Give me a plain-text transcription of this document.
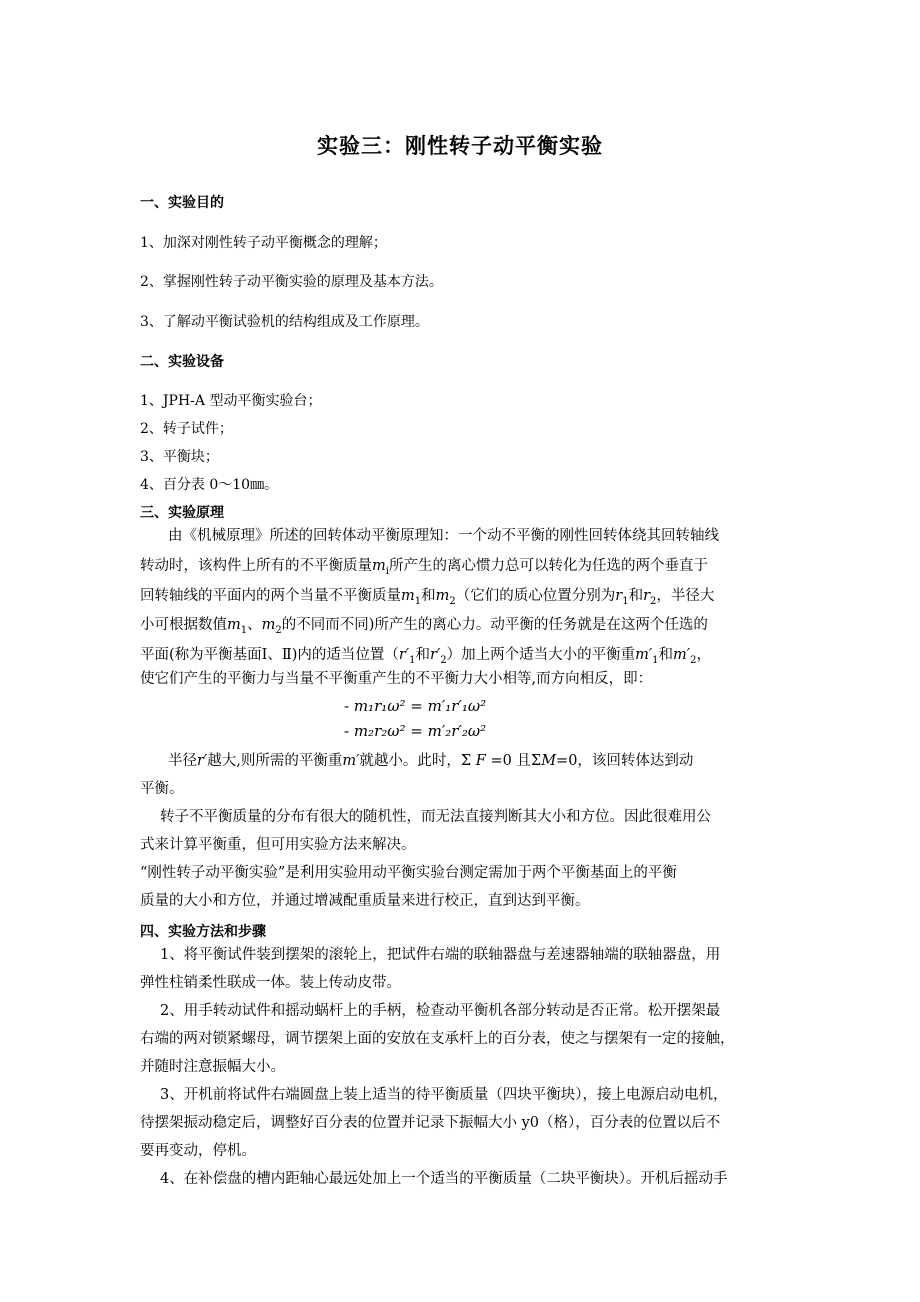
实验三：刚性转子动平衡实验
一、实验目的
1、加深对刚性转子动平衡概念的理解；
2、掌握刚性转子动平衡实验的原理及基本方法。
3、了解动平衡试验机的结构组成及工作原理。
二、实验设备
1、JPH-A 型动平衡实验台；
2、转子试件；
3、平衡块；
4、百分表 0～10㎜。
三、实验原理
由《机械原理》所述的回转体动平衡原理知：一个动不平衡的刚性回转体绕其回转轴线
转动时，该构件上所有的不平衡质量$m_i$所产生的离心惯力总可以转化为任选的两个垂直于
回转轴线的平面内的两个当量不平衡质量$m_1$和$m_2$（它们的质心位置分别为$r_1$和$r_2$，半径大
小可根据数值$m_1$、$m_2$的不同而不同)所产生的离心力。动平衡的任务就是在这两个任选的
平面(称为平衡基面Ⅰ、Ⅱ)内的适当位置（$r'_1$和$r'_2$）加上两个适当大小的平衡重$m'_1$和$m'_2$，
使它们产生的平衡力与当量不平衡重产生的不平衡力大小相等,而方向相反，即：
- m₁r₁ω² = m′₁r′₁ω²
- m₂r₂ω² = m′₂r′₂ω²
半径r′越大,则所需的平衡重m′就越小。此时，Σ F =0 且ΣM=0，该回转体达到动
平衡。
转子不平衡质量的分布有很大的随机性，而无法直接判断其大小和方位。因此很难用公
式来计算平衡重，但可用实验方法来解决。
“刚性转子动平衡实验”是利用实验用动平衡实验台测定需加于两个平衡基面上的平衡
质量的大小和方位，并通过增减配重质量来进行校正，直到达到平衡。
四、实验方法和步骤
1、将平衡试件装到摆架的滚轮上，把试件右端的联轴器盘与差速器轴端的联轴器盘，用
弹性柱销柔性联成一体。装上传动皮带。
2、用手转动试件和摇动蜗杆上的手柄，检查动平衡机各部分转动是否正常。松开摆架最
右端的两对锁紧螺母，调节摆架上面的安放在支承杆上的百分表，使之与摆架有一定的接触，
并随时注意振幅大小。
3、开机前将试件右端圆盘上装上适当的待平衡质量（四块平衡块），接上电源启动电机，
待摆架振动稳定后，调整好百分表的位置并记录下振幅大小 y0（格），百分表的位置以后不
要再变动，停机。
4、在补偿盘的槽内距轴心最远处加上一个适当的平衡质量（二块平衡块）。开机后摇动手
